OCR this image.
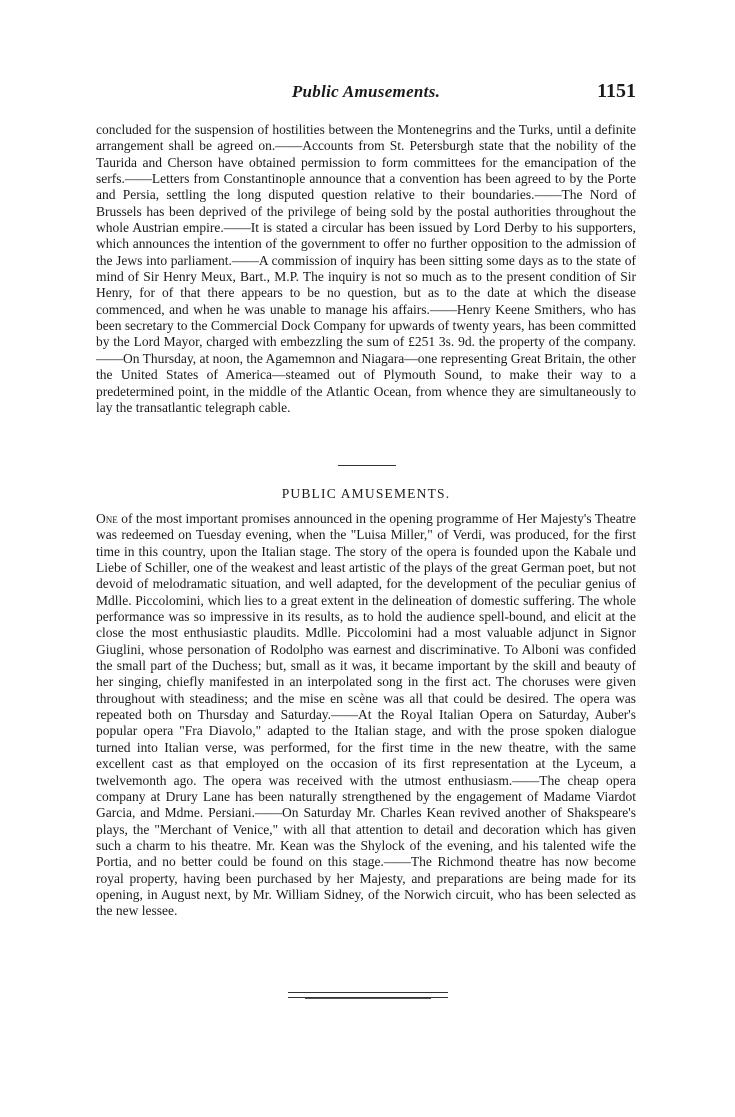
Public Amusements.	1151

concluded for the suspension of hostilities between the Montenegrins and the Turks, until a definite arrangement shall be agreed on.——Accounts from St. Petersburgh state that the nobility of the Taurida and Cherson have obtained permission to form committees for the emancipation of the serfs.——Letters from Constantinople announce that a convention has been agreed to by the Porte and Persia, settling the long disputed question relative to their boundaries.——The Nord of Brussels has been deprived of the privilege of being sold by the postal authorities throughout the whole Austrian empire.——It is stated a circular has been issued by Lord Derby to his supporters, which announces the intention of the government to offer no further opposition to the admission of the Jews into parliament.——A commission of inquiry has been sitting some days as to the state of mind of Sir Henry Meux, Bart., M.P. The inquiry is not so much as to the present condition of Sir Henry, for of that there appears to be no question, but as to the date at which the disease commenced, and when he was unable to manage his affairs.——Henry Keene Smithers, who has been secretary to the Commercial Dock Company for upwards of twenty years, has been committed by the Lord Mayor, charged with embezzling the sum of £251 3s. 9d. the property of the company.——On Thursday, at noon, the Agamemnon and Niagara—one representing Great Britain, the other the United States of America—steamed out of Plymouth Sound, to make their way to a predetermined point, in the middle of the Atlantic Ocean, from whence they are simultaneously to lay the transatlantic telegraph cable.

PUBLIC AMUSEMENTS.

One of the most important promises announced in the opening programme of Her Majesty's Theatre was redeemed on Tuesday evening, when the "Luisa Miller," of Verdi, was produced, for the first time in this country, upon the Italian stage. The story of the opera is founded upon the Kabale und Liebe of Schiller, one of the weakest and least artistic of the plays of the great German poet, but not devoid of melodramatic situation, and well adapted, for the development of the peculiar genius of Mdlle. Piccolomini, which lies to a great extent in the delineation of domestic suffering. The whole performance was so impressive in its results, as to hold the audience spell-bound, and elicit at the close the most enthusiastic plaudits. Mdlle. Piccolomini had a most valuable adjunct in Signor Giuglini, whose personation of Rodolpho was earnest and discriminative. To Alboni was confided the small part of the Duchess; but, small as it was, it became important by the skill and beauty of her singing, chiefly manifested in an interpolated song in the first act. The choruses were given throughout with steadiness; and the mise en scène was all that could be desired. The opera was repeated both on Thursday and Saturday.——At the Royal Italian Opera on Saturday, Auber's popular opera "Fra Diavolo," adapted to the Italian stage, and with the prose spoken dialogue turned into Italian verse, was performed, for the first time in the new theatre, with the same excellent cast as that employed on the occasion of its first representation at the Lyceum, a twelvemonth ago. The opera was received with the utmost enthusiasm.——The cheap opera company at Drury Lane has been naturally strengthened by the engagement of Madame Viardot Garcia, and Mdme. Persiani.——On Saturday Mr. Charles Kean revived another of Shakspeare's plays, the "Merchant of Venice," with all that attention to detail and decoration which has given such a charm to his theatre. Mr. Kean was the Shylock of the evening, and his talented wife the Portia, and no better could be found on this stage.——The Richmond theatre has now become royal property, having been purchased by her Majesty, and preparations are being made for its opening, in August next, by Mr. William Sidney, of the Norwich circuit, who has been selected as the new lessee.
